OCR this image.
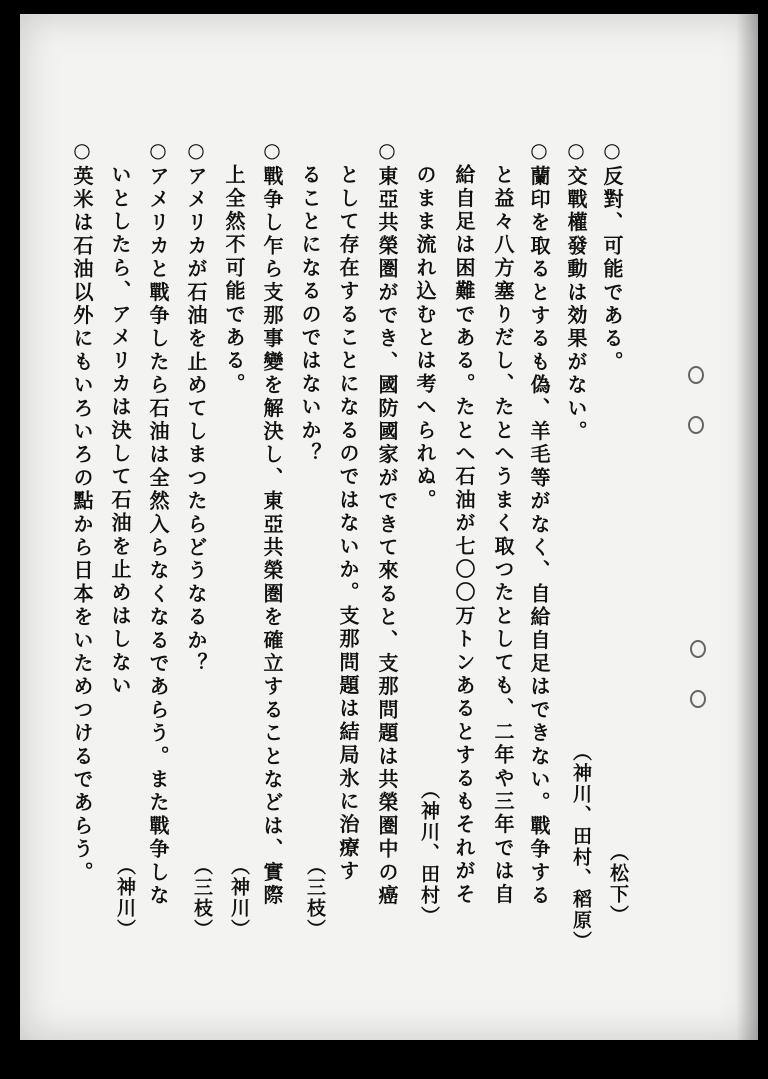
○反對、可能である。
○交戰權發動は効果がない。
○蘭印を取るとするも偽、羊毛等がなく、自給自足はできない。戰争する
と益々八方塞りだし、たとへうまく取つたとしても、二年や三年では自
給自足は困難である。たとへ石油が七〇〇万トンあるとするもそれがそ
のまま流れ込むとは考へられぬ。
○東亞共榮圏ができ、國防國家ができて來ると、支那問題は共榮圏中の癌
として存在することになるのではないか。支那問題は結局氷に治療す
ることになるのではないか？
○戰争し乍ら支那事變を解決し、東亞共榮圏を確立することなどは、實際
上全然不可能である。
○アメリカが石油を止めてしまつたらどうなるか？
○アメリカと戰争したら石油は全然入らなくなるであらう。また戰争しな
いとしたら、アメリカは決して石油を止めはしない
○英米は石油以外にもいろいろの點から日本をいためつけるであらう。	（松下）
（神川、田村、稻原）
（神川、田村）
（三枝）
（神川）
（三枝）
（神川）
